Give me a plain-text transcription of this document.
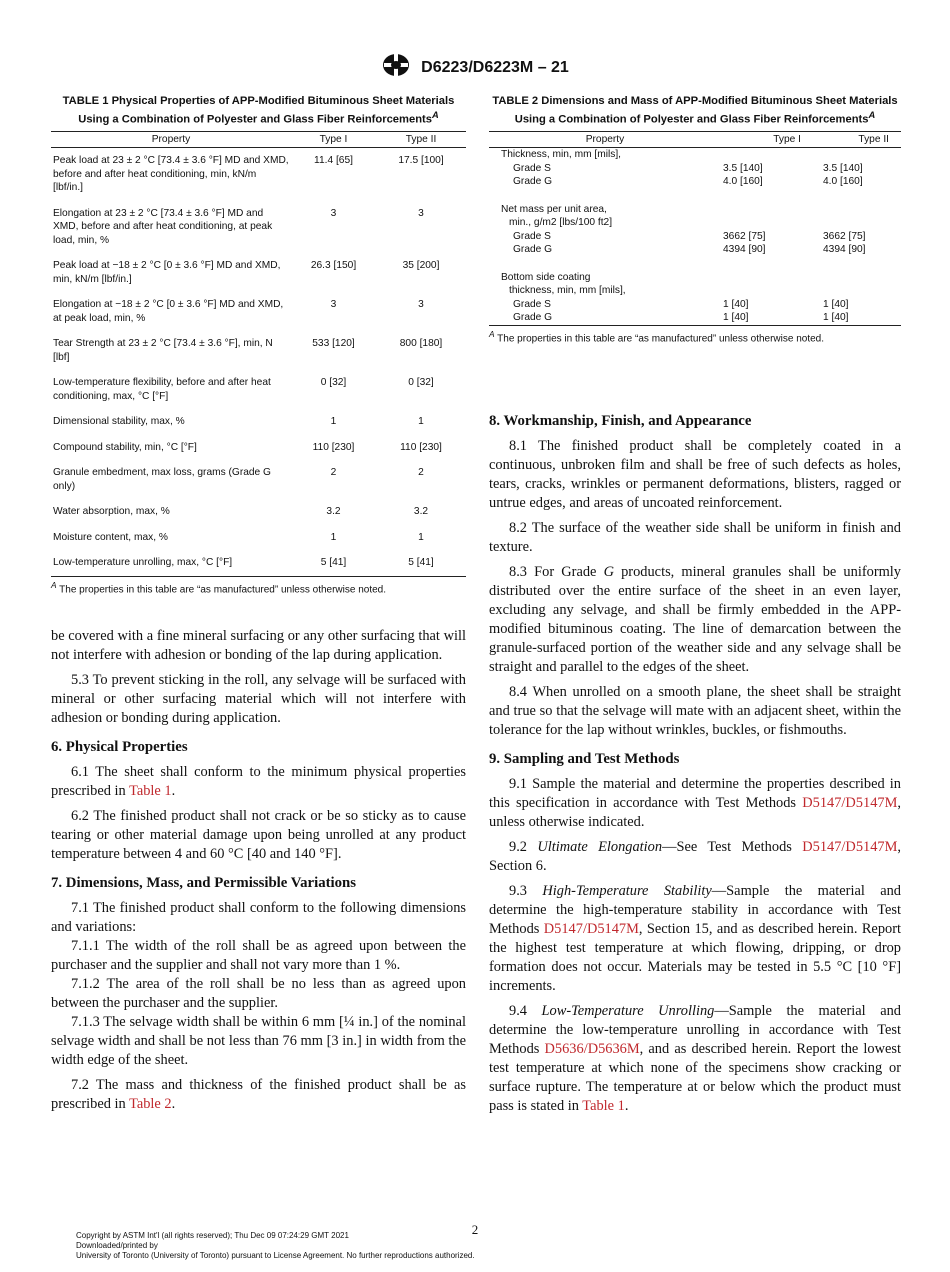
D6223/D6223M – 21
TABLE 1 Physical Properties of APP-Modified Bituminous Sheet Materials Using a Combination of Polyester and Glass Fiber Reinforcements$^A$
Property	Type I	Type II
Peak load at 23 ± 2 °C [73.4 ± 3.6 °F] MD and XMD, before and after heat conditioning, min, kN/m [lbf/in.]	11.4 [65]	17.5 [100]
Elongation at 23 ± 2 °C [73.4 ± 3.6 °F] MD and XMD, before and after heat conditioning, at peak load, min, %	3	3
Peak load at −18 ± 2 °C [0 ± 3.6 °F] MD and XMD, min, kN/m [lbf/in.]	26.3 [150]	35 [200]
Elongation at −18 ± 2 °C [0 ± 3.6 °F] MD and XMD, at peak load, min, %	3	3
Tear Strength at 23 ± 2 °C [73.4 ± 3.6 °F], min, N [lbf]	533 [120]	800 [180]
Low-temperature flexibility, before and after heat conditioning, max, °C [°F]	0 [32]	0 [32]
Dimensional stability, max, %	1	1
Compound stability, min, °C [°F]	110 [230]	110 [230]
Granule embedment, max loss, grams (Grade G only)	2	2
Water absorption, max, %	3.2	3.2
Moisture content, max, %	1	1
Low-temperature unrolling, max, °C [°F]	5 [41]	5 [41]
$^A$ The properties in this table are “as manufactured” unless otherwise noted.

be covered with a fine mineral surfacing or any other surfacing that will not interfere with adhesion or bonding of the lap during application.

5.3 To prevent sticking in the roll, any selvage will be surfaced with mineral or other surfacing material which will not interfere with adhesion or bonding during application.

6. Physical Properties

6.1 The sheet shall conform to the minimum physical properties prescribed in Table 1.

6.2 The finished product shall not crack or be so sticky as to cause tearing or other material damage upon being unrolled at any product temperature between 4 and 60 °C [40 and 140 °F].

7. Dimensions, Mass, and Permissible Variations

7.1 The finished product shall conform to the following dimensions and variations:

7.1.1 The width of the roll shall be as agreed upon between the purchaser and the supplier and shall not vary more than 1 %.

7.1.2 The area of the roll shall be no less than as agreed upon between the purchaser and the supplier.

7.1.3 The selvage width shall be within 6 mm [¼ in.] of the nominal selvage width and shall be not less than 76 mm [3 in.] in width from the width edge of the sheet.

7.2 The mass and thickness of the finished product shall be as prescribed in Table 2.

TABLE 2 Dimensions and Mass of APP-Modified Bituminous Sheet Materials Using a Combination of Polyester and Glass Fiber Reinforcements$^A$
Property	Type I	Type II
Thickness, min, mm [mils],		
Grade S	3.5 [140]	3.5 [140]
Grade G	4.0 [160]	4.0 [160]

Net mass per unit area,		
min., g/m2 [lbs/100 ft2]		
Grade S	3662 [75]	3662 [75]
Grade G	4394 [90]	4394 [90]

Bottom side coating		
thickness, min, mm [mils],		
Grade S	1 [40]	1 [40]
Grade G	1 [40]	1 [40]
$^A$ The properties in this table are “as manufactured” unless otherwise noted.
8. Workmanship, Finish, and Appearance

8.1 The finished product shall be completely coated in a continuous, unbroken film and shall be free of such defects as holes, tears, cracks, wrinkles or permanent deformations, blisters, ragged or untrue edges, and areas of uncoated reinforcement.

8.2 The surface of the weather side shall be uniform in finish and texture.

8.3 For Grade G products, mineral granules shall be uniformly distributed over the entire surface of the sheet in an even layer, excluding any selvage, and shall be firmly embedded in the APP-modified bituminous coating. The line of demarcation between the granule-surfaced portion of the weather side and any selvage shall be straight and parallel to the edges of the sheet.

8.4 When unrolled on a smooth plane, the sheet shall be straight and true so that the selvage will mate with an adjacent sheet, within the tolerance for the lap without wrinkles, buckles, or fishmouths.

9. Sampling and Test Methods

9.1 Sample the material and determine the properties described in this specification in accordance with Test Methods D5147/D5147M, unless otherwise indicated.

9.2 Ultimate Elongation—See Test Methods D5147/D5147M, Section 6.

9.3 High-Temperature Stability—Sample the material and determine the high-temperature stability in accordance with Test Methods D5147/D5147M, Section 15, and as described herein. Report the highest test temperature at which flowing, dripping, or drop formation does not occur. Materials may be tested in 5.5 °C [10 °F] increments.

9.4 Low-Temperature Unrolling—Sample the material and determine the low-temperature unrolling in accordance with Test Methods D5636/D5636M, and as described herein. Report the lowest test temperature at which none of the specimens show cracking or surface rupture. The temperature at or below which the product must pass is stated in Table 1.

2
Copyright by ASTM Int'l (all rights reserved); Thu Dec 09 07:24:29 GMT 2021
Downloaded/printed by
University of Toronto (University of Toronto) pursuant to License Agreement. No further reproductions authorized.
